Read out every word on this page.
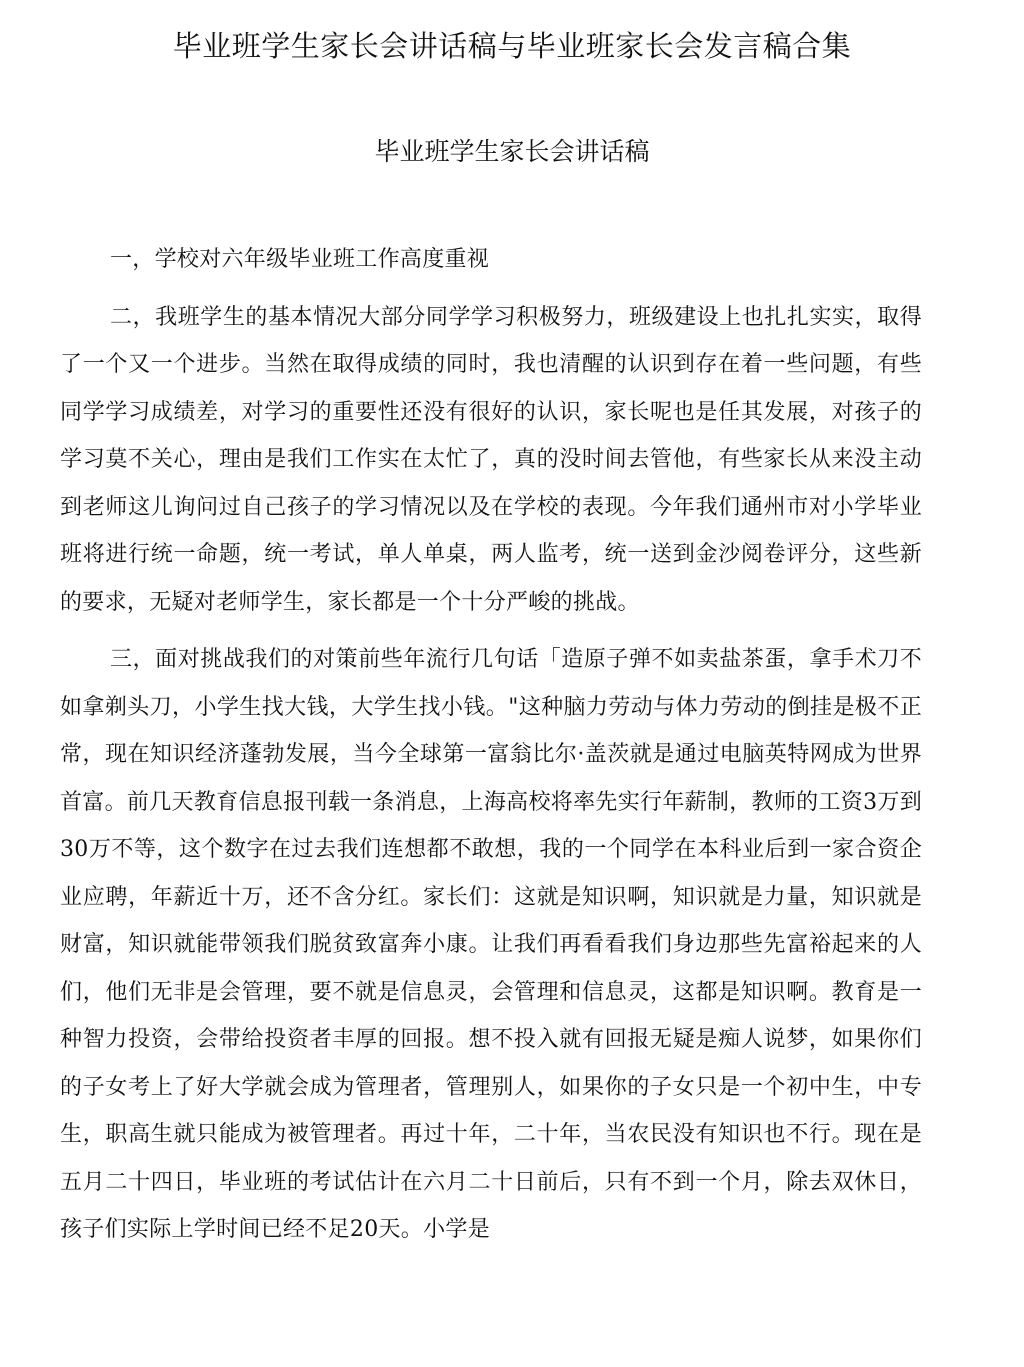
毕业班学生家长会讲话稿与毕业班家长会发言稿合集
毕业班学生家长会讲话稿

一，学校对六年级毕业班工作高度重视

二，我班学生的基本情况大部分同学学习积极努力，班级建设上也扎扎实实，取得了一个又一个进步。当然在取得成绩的同时，我也清醒的认识到存在着一些问题，有些同学学习成绩差，对学习的重要性还没有很好的认识，家长呢也是任其发展，对孩子的学习莫不关心，理由是我们工作实在太忙了，真的没时间去管他，有些家长从来没主动到老师这儿询问过自己孩子的学习情况以及在学校的表现。今年我们通州市对小学毕业班将进行统一命题，统一考试，单人单桌，两人监考，统一送到金沙阅卷评分，这些新的要求，无疑对老师学生，家长都是一个十分严峻的挑战。

三，面对挑战我们的对策前些年流行几句话「造原子弹不如卖盐茶蛋，拿手术刀不如拿剃头刀，小学生找大钱，大学生找小钱。"这种脑力劳动与体力劳动的倒挂是极不正常，现在知识经济蓬勃发展，当今全球第一富翁比尔·盖茨就是通过电脑英特网成为世界首富。前几天教育信息报刊载一条消息，上海高校将率先实行年薪制，教师的工资3万到30万不等，这个数字在过去我们连想都不敢想，我的一个同学在本科业后到一家合资企业应聘，年薪近十万，还不含分红。家长们：这就是知识啊，知识就是力量，知识就是财富，知识就能带领我们脱贫致富奔小康。让我们再看看我们身边那些先富裕起来的人们，他们无非是会管理，要不就是信息灵，会管理和信息灵，这都是知识啊。教育是一种智力投资，会带给投资者丰厚的回报。想不投入就有回报无疑是痴人说梦，如果你们的子女考上了好大学就会成为管理者，管理别人，如果你的子女只是一个初中生，中专生，职高生就只能成为被管理者。再过十年，二十年，当农民没有知识也不行。现在是五月二十四日，毕业班的考试估计在六月二十日前后，只有不到一个月，除去双休日，孩子们实际上学时间已经不足20天。小学是
